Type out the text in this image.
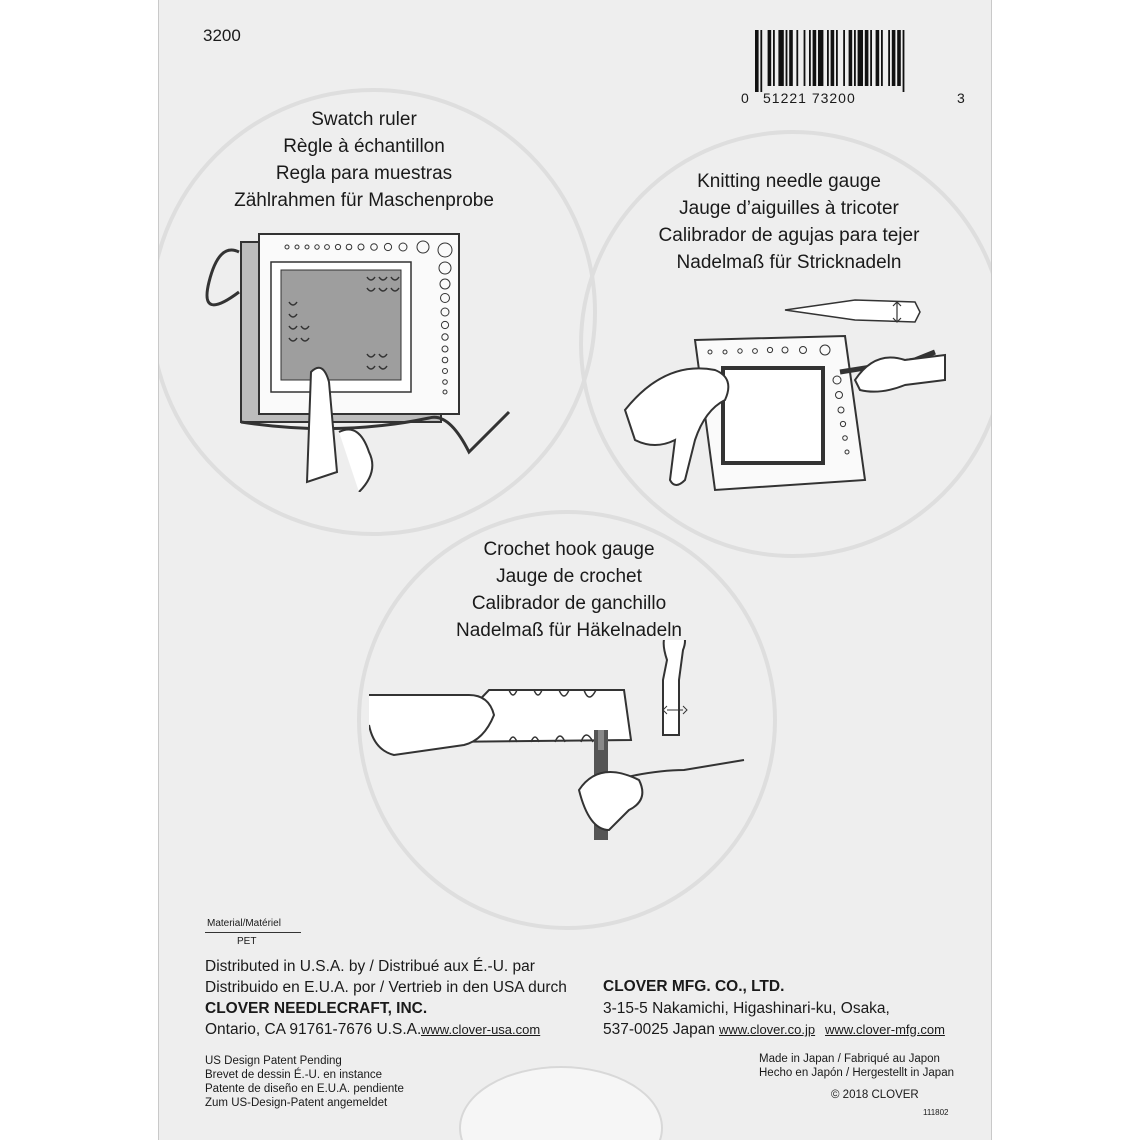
3200
0 51221 73200	3
Swatch ruler
Règle à échantillon
Regla para muestras
Zählrahmen für Maschenprobe
Knitting needle gauge
Jauge d’aiguilles à tricoter
Calibrador de agujas para tejer
Nadelmaß für Stricknadeln
Crochet hook gauge
Jauge de crochet
Calibrador de ganchillo
Nadelmaß für Häkelnadeln
Material/Matériel
PET
Distributed in U.S.A. by / Distribué aux É.-U. par
Distribuido en E.U.A. por / Vertrieb in den USA durch
CLOVER NEEDLECRAFT, INC.
Ontario, CA 91761-7676 U.S.A. www.clover-usa.com
CLOVER MFG. CO., LTD.
3-15-5 Nakamichi, Higashinari-ku, Osaka,
537-0025 Japan www.clover.co.jp www.clover-mfg.com
US Design Patent Pending
Brevet de dessin É.-U. en instance
Patente de diseño en E.U.A. pendiente
Zum US-Design-Patent angemeldet
Made in Japan / Fabriqué au Japon
Hecho en Japón / Hergestellt in Japan
© 2018 CLOVER
111802
